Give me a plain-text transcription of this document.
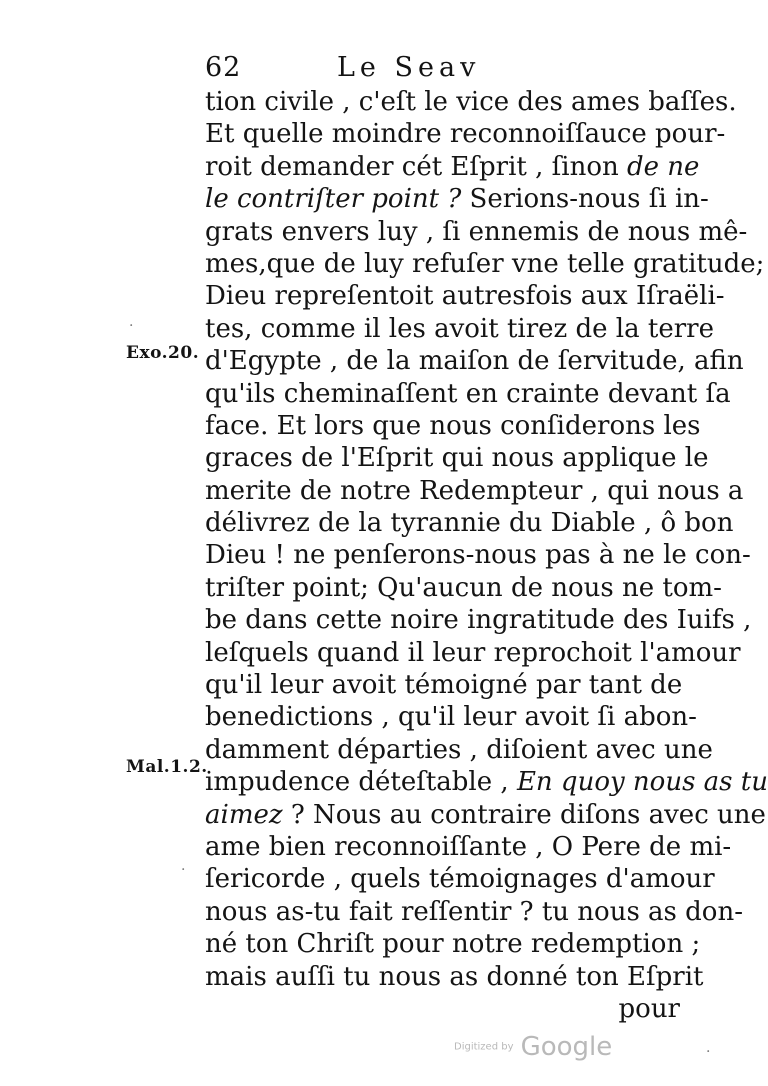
62	Le Seav
Exo.20.
Mal.1.2.
tion civile , c'eſt le vice des ames baſſes.
Et quelle moindre reconnoiſſauce pour-
roit demander cét Eſprit , ſinon de ne
le contriſter point ? Serions-nous ſi in-
grats envers luy , ſi ennemis de nous mê-
mes,que de luy refuſer vne telle gratitude;
Dieu repreſentoit autresfois aux Iſraëli-
tes, comme il les avoit tirez de la terre
d'Egypte , de la maiſon de ſervitude, afin
qu'ils cheminaſſent en crainte devant ſa
face. Et lors que nous conſiderons les
graces de l'Eſprit qui nous applique le
merite de notre Redempteur , qui nous a
délivrez de la tyrannie du Diable , ô bon
Dieu ! ne penſerons-nous pas à ne le con-
triſter point; Qu'aucun de nous ne tom-
be dans cette noire ingratitude des Iuifs ,
leſquels quand il leur reprochoit l'amour
qu'il leur avoit témoigné par tant de
benedictions , qu'il leur avoit ſi abon-
damment départies , diſoient avec une
impudence déteſtable , En quoy nous as tu
aimez ? Nous au contraire diſons avec une
ame bien reconnoiſſante , O Pere de mi-
ſericorde , quels témoignages d'amour
nous as-tu fait reſſentir ? tu nous as don-
né ton Chriſt pour notre redemption ;
mais auſſi tu nous as donné ton Eſprit
pour
·
·
·
Digitized by Google
